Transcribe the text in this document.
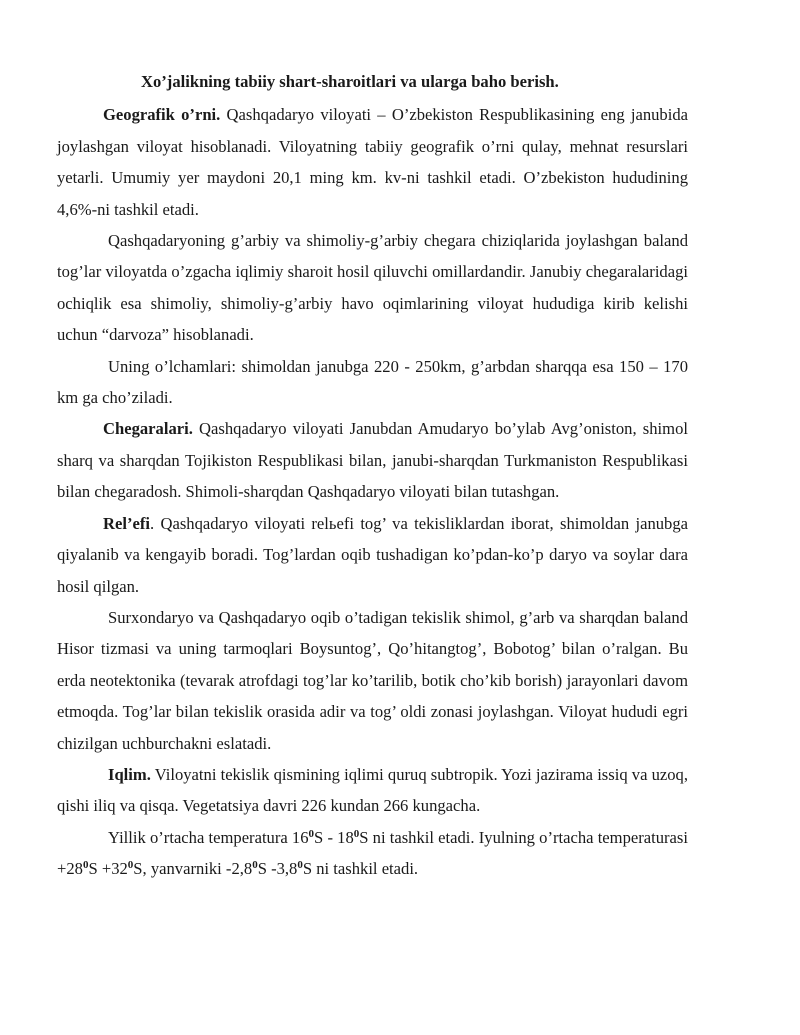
Xo’jalikning tabiiy shart-sharoitlari va ularga baho berish.

Geografik o’rni. Qashqadaryo viloyati – O’zbekiston Respublikasining eng janubida joylashgan viloyat hisoblanadi. Viloyatning tabiiy geografik o’rni qulay, mehnat resurslari yetarli. Umumiy yer maydoni 20,1 ming km. kv-ni tashkil etadi. O’zbekiston hududining 4,6%-ni tashkil etadi.

Qashqadaryoning g’arbiy va shimoliy-g’arbiy chegara chiziqlarida joylashgan baland tog’lar viloyatda o’zgacha iqlimiy sharoit hosil qiluvchi omillardandir. Janubiy chegaralaridagi ochiqlik esa shimoliy, shimoliy-g’arbiy havo oqimlarining viloyat hududiga kirib kelishi uchun “darvoza” hisoblanadi.

Uning o’lchamlari: shimoldan janubga 220 - 250km, g’arbdan sharqqa esa 150 – 170 km ga cho’ziladi.

Chegaralari. Qashqadaryo viloyati Janubdan Amudaryo bo’ylab Avg’oniston, shimol sharq va sharqdan Tojikiston Respublikasi bilan, janubi-sharqdan Turkmaniston Respublikasi bilan chegaradosh. Shimoli-sharqdan Qashqadaryo viloyati bilan tutashgan.

Rel’efi. Qashqadaryo viloyati relьefi tog’ va tekisliklardan iborat, shimoldan janubga qiyalanib va kengayib boradi. Tog’lardan oqib tushadigan ko’pdan-ko’p daryo va soylar dara hosil qilgan.

Surxondaryo va Qashqadaryo oqib o’tadigan tekislik shimol, g’arb va sharqdan baland Hisor tizmasi va uning tarmoqlari Boysuntog’, Qo’hitangtog’, Bobotog’ bilan o’ralgan. Bu erda neotektonika (tevarak atrofdagi tog’lar ko’tarilib, botik cho’kib borish) jarayonlari davom etmoqda. Tog’lar bilan tekislik orasida adir va tog’ oldi zonasi joylashgan. Viloyat hududi egri chizilgan uchburchakni eslatadi.

Iqlim. Viloyatni tekislik qismining iqlimi quruq subtropik. Yozi jazirama issiq va uzoq, qishi iliq va qisqa. Vegetatsiya davri 226 kundan 266 kungacha.

Yillik o’rtacha temperatura $16^0S - 18^0S$ ni tashkil etadi. Iyulning o’rtacha temperaturasi $+28^0S +32^0S$, yanvarniki $-2,8^0S$ $-3,8^0S$ ni tashkil etadi.
